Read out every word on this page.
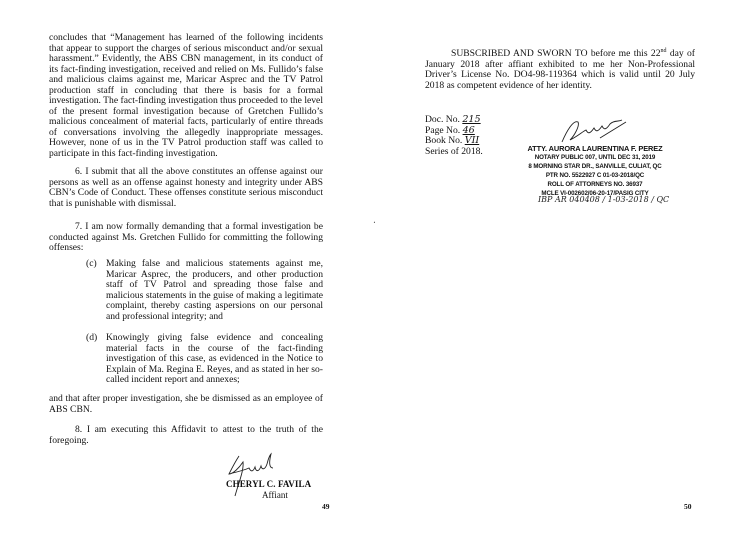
concludes that “Management has learned of the following incidents that appear to support the charges of serious misconduct and/or sexual harassment.” Evidently, the ABS CBN management, in its conduct of its fact-finding investigation, received and relied on Ms. Fullido’s false and malicious claims against me, Maricar Asprec and the TV Patrol production staff in concluding that there is basis for a formal investigation. The fact-finding investigation thus proceeded to the level of the present formal investigation because of Gretchen Fullido’s malicious concealment of material facts, particularly of entire threads of conversations involving the allegedly inappropriate messages. However, none of us in the TV Patrol production staff was called to participate in this fact-finding investigation.

6. I submit that all the above constitutes an offense against our persons as well as an offense against honesty and integrity under ABS CBN’s Code of Conduct. These offenses constitute serious misconduct that is punishable with dismissal.

7. I am now formally demanding that a formal investigation be conducted against Ms. Gretchen Fullido for committing the following offenses:

(c) Making false and malicious statements against me, Maricar Asprec, the producers, and other production staff of TV Patrol and spreading those false and malicious statements in the guise of making a legitimate complaint, thereby casting aspersions on our personal and professional integrity; and
(d) Knowingly giving false evidence and concealing material facts in the course of the fact-finding investigation of this case, as evidenced in the Notice to Explain of Ma. Regina E. Reyes, and as stated in her so-called incident report and annexes;

and that after proper investigation, she be dismissed as an employee of ABS CBN.

8. I am executing this Affidavit to attest to the truth of the foregoing.

CHERYL C. FAVILA
Affiant
49

SUBSCRIBED AND SWORN TO before me this 22nd day of January 2018 after affiant exhibited to me her Non-Professional Driver’s License No. DO4-98-119364 which is valid until 20 July 2018 as competent evidence of her identity.

Doc. No. 215
Page No. 46
Book No. VII
Series of 2018.	ATTY. AURORA LAURENTINA F. PEREZ
NOTARY PUBLIC 007, UNTIL DEC 31, 2019
8 MORNING STAR DR., SANVILLE, CULIAT, QC
PTR NO. 5522927 C 01-03-2018/QC
ROLL OF ATTORNEYS NO. 36937
MCLE VI-002602/06-20-17/PASIG CITY
IBP AR 040408 / 1-03-2018 / QC
50
